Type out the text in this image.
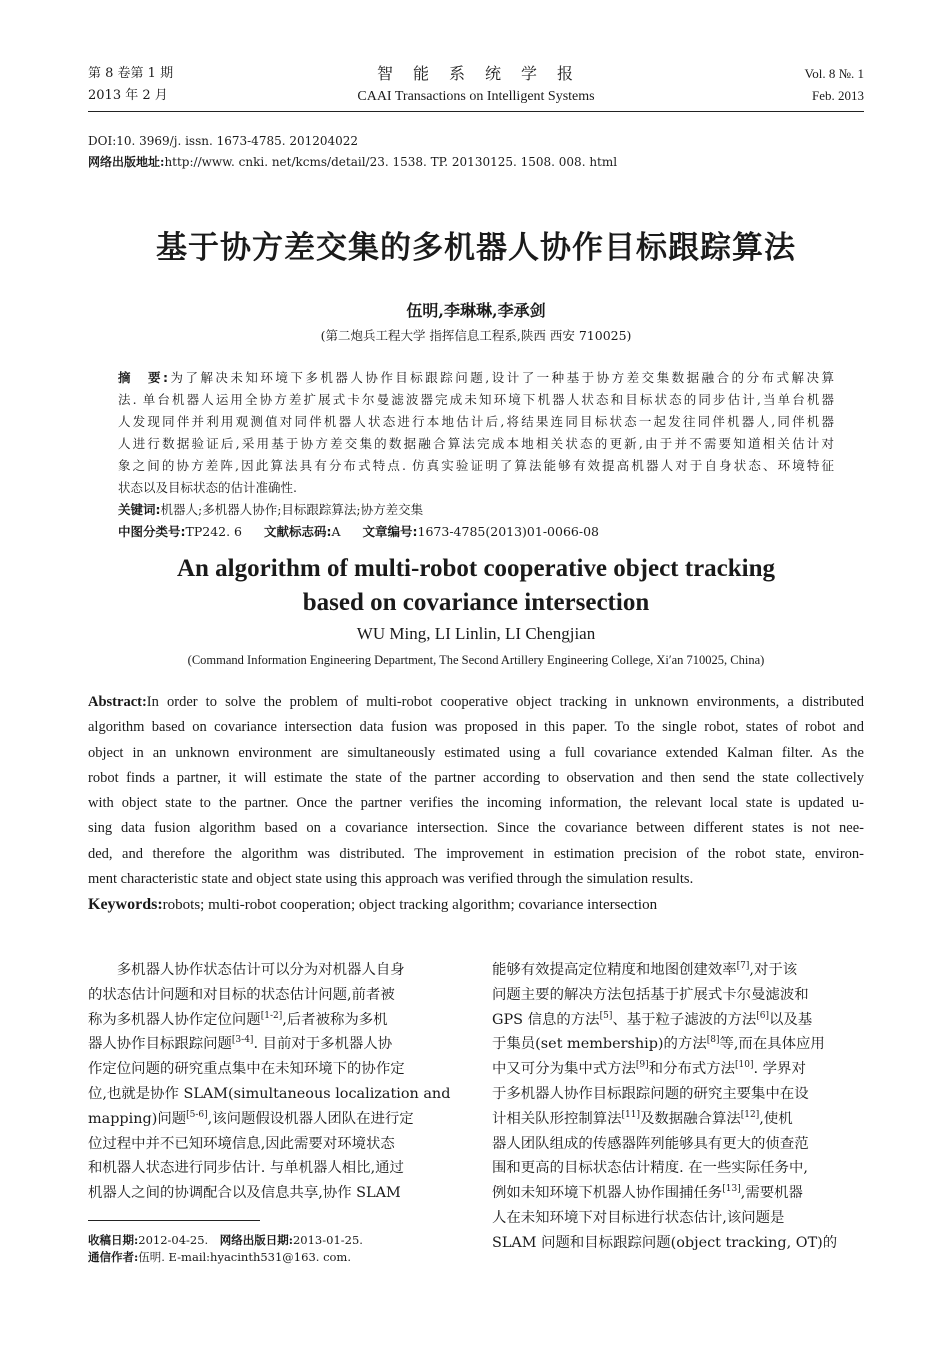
第 8 卷第 1 期
2013 年 2 月
智　能　系　统　学　报
CAAI Transactions on Intelligent Systems
Vol. 8 №. 1
Feb. 2013
DOI:10. 3969/j. issn. 1673-4785. 201204022
网络出版地址:http://www. cnki. net/kcms/detail/23. 1538. TP. 20130125. 1508. 008. html
基于协方差交集的多机器人协作目标跟踪算法
伍明,李琳琳,李承剑
(第二炮兵工程大学 指挥信息工程系,陕西 西安 710025)
摘　要:为了解决未知环境下多机器人协作目标跟踪问题,设计了一种基于协方差交集数据融合的分布式解决算
法. 单台机器人运用全协方差扩展式卡尔曼滤波器完成未知环境下机器人状态和目标状态的同步估计,当单台机器
人发现同伴并利用观测值对同伴机器人状态进行本地估计后,将结果连同目标状态一起发往同伴机器人,同伴机器
人进行数据验证后,采用基于协方差交集的数据融合算法完成本地相关状态的更新,由于并不需要知道相关估计对
象之间的协方差阵,因此算法具有分布式特点. 仿真实验证明了算法能够有效提高机器人对于自身状态、环境特征
状态以及目标状态的估计准确性.
关键词:机器人;多机器人协作;目标跟踪算法;协方差交集
中图分类号:TP242. 6 文献标志码:A 文章编号:1673-4785(2013)01-0066-08
An algorithm of multi-robot cooperative object tracking
based on covariance intersection
WU Ming, LI Linlin, LI Chengjian
(Command Information Engineering Department, The Second Artillery Engineering College, Xi′an 710025, China)
Abstract:In order to solve the problem of multi-robot cooperative object tracking in unknown environments, a distributed
algorithm based on covariance intersection data fusion was proposed in this paper. To the single robot, states of robot and
object in an unknown environment are simultaneously estimated using a full covariance extended Kalman filter. As the
robot finds a partner, it will estimate the state of the partner according to observation and then send the state collectively
with object state to the partner. Once the partner verifies the incoming information, the relevant local state is updated u-
sing data fusion algorithm based on a covariance intersection. Since the covariance between different states is not nee-
ded, and therefore the algorithm was distributed. The improvement in estimation precision of the robot state, environ-
ment characteristic state and object state using this approach was verified through the simulation results.
Keywords:robots; multi-robot cooperation; object tracking algorithm; covariance intersection
多机器人协作状态估计可以分为对机器人自身
的状态估计问题和对目标的状态估计问题,前者被
称为多机器人协作定位问题[1-2],后者被称为多机
器人协作目标跟踪问题[3-4]. 目前对于多机器人协
作定位问题的研究重点集中在未知环境下的协作定
位,也就是协作 SLAM(simultaneous localization and
mapping)问题[5-6],该问题假设机器人团队在进行定
位过程中并不已知环境信息,因此需要对环境状态
和机器人状态进行同步估计. 与单机器人相比,通过
机器人之间的协调配合以及信息共享,协作 SLAM
能够有效提高定位精度和地图创建效率[7],对于该
问题主要的解决方法包括基于扩展式卡尔曼滤波和
GPS 信息的方法[5]、基于粒子滤波的方法[6]以及基
于集员(set membership)的方法[8]等,而在具体应用
中又可分为集中式方法[9]和分布式方法[10]. 学界对
于多机器人协作目标跟踪问题的研究主要集中在设
计相关队形控制算法[11]及数据融合算法[12],使机
器人团队组成的传感器阵列能够具有更大的侦查范
围和更高的目标状态估计精度. 在一些实际任务中,
例如未知环境下机器人协作围捕任务[13],需要机器
人在未知环境下对目标进行状态估计,该问题是
SLAM 问题和目标跟踪问题(object tracking, OT)的
收稿日期:2012-04-25.　 网络出版日期:2013-01-25.
通信作者:伍明. E-mail:hyacinth531@163. com.
